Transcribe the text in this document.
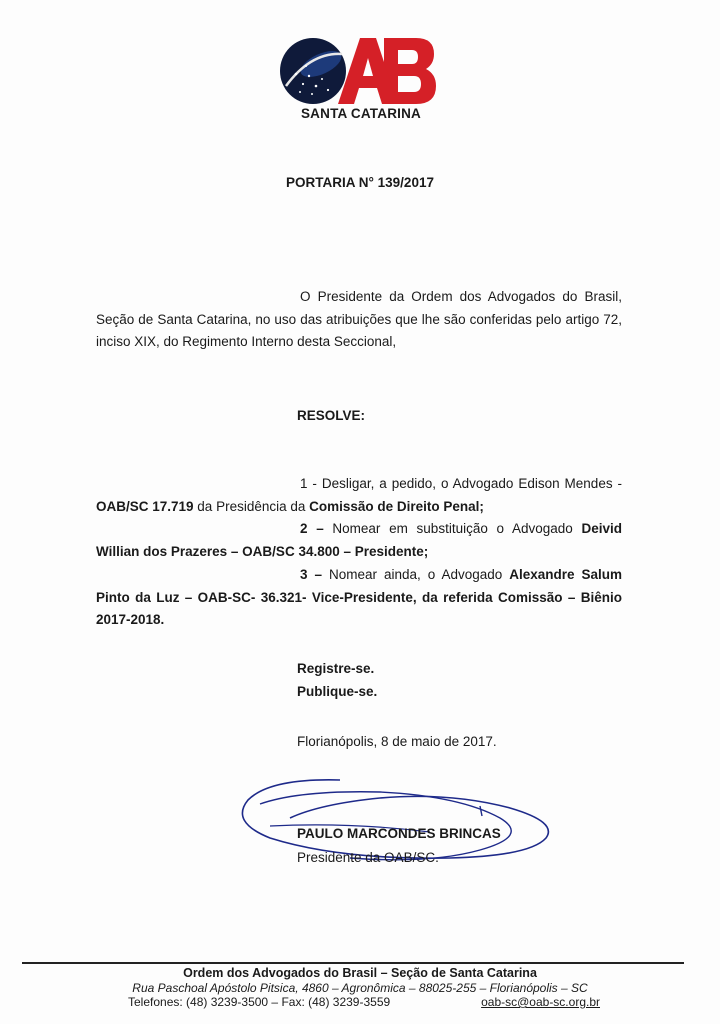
SANTA CATARINA
PORTARIA N° 139/2017
O Presidente da Ordem dos Advogados do Brasil, Seção de Santa Catarina, no uso das atribuições que lhe são conferidas pelo artigo 72, inciso XIX, do Regimento Interno desta Seccional,
RESOLVE:
1 - Desligar, a pedido, o Advogado Edison Mendes - OAB/SC 17.719 da Presidência da Comissão de Direito Penal;
2 – Nomear em substituição o Advogado Deivid Willian dos Prazeres – OAB/SC 34.800 – Presidente;
3 – Nomear ainda, o Advogado Alexandre Salum Pinto da Luz – OAB-SC- 36.321- Vice-Presidente, da referida Comissão – Biênio 2017-2018.
Registre-se.
Publique-se.
Florianópolis, 8 de maio de 2017.
PAULO MARCONDES BRINCAS
Presidente da OAB/SC.
Ordem dos Advogados do Brasil – Seção de Santa Catarina
Rua Paschoal Apóstolo Pitsica, 4860 – Agronômica – 88025-255 – Florianópolis – SC
Telefones: (48) 3239-3500 – Fax: (48) 3239-3559	oab-sc@oab-sc.org.br
